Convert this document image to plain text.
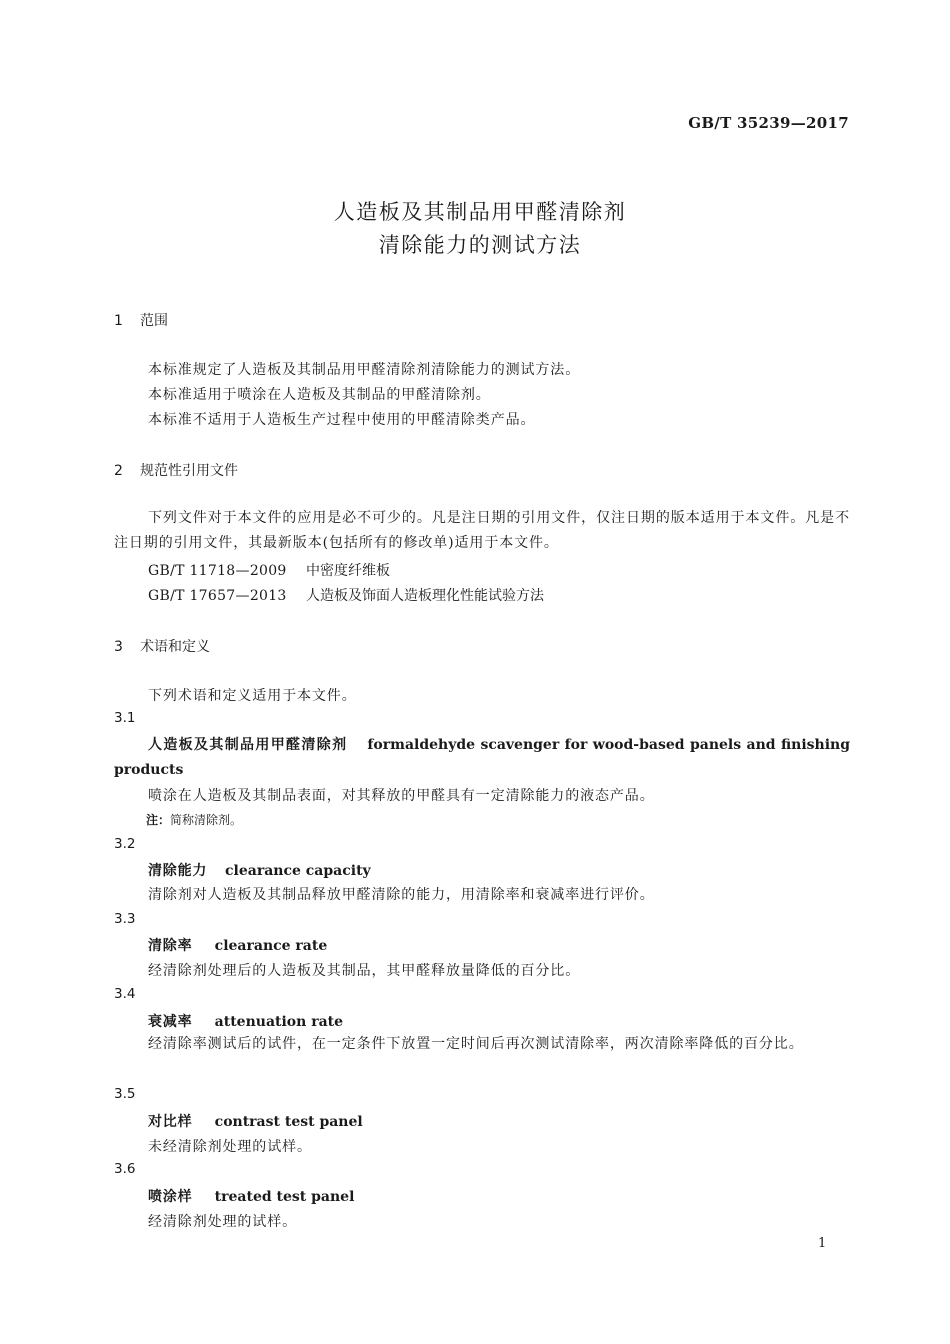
GB/T 35239—2017
人造板及其制品用甲醛清除剂
清除能力的测试方法
1 范围
本标准规定了人造板及其制品用甲醛清除剂清除能力的测试方法。
本标准适用于喷涂在人造板及其制品的甲醛清除剂。
本标准不适用于人造板生产过程中使用的甲醛清除类产品。
2 规范性引用文件
下列文件对于本文件的应用是必不可少的。凡是注日期的引用文件，仅注日期的版本适用于本文件。凡是不注日期的引用文件，其最新版本(包括所有的修改单)适用于本文件。
GB/T 11718—2009 中密度纤维板
GB/T 17657—2013 人造板及饰面人造板理化性能试验方法
3 术语和定义
下列术语和定义适用于本文件。
3.1
人造板及其制品用甲醛清除剂 formaldehyde scavenger for wood-based panels and finishing products
喷涂在人造板及其制品表面，对其释放的甲醛具有一定清除能力的液态产品。
注：简称清除剂。
3.2
清除能力 clearance capacity
清除剂对人造板及其制品释放甲醛清除的能力，用清除率和衰减率进行评价。
3.3
清除率 clearance rate
经清除剂处理后的人造板及其制品，其甲醛释放量降低的百分比。
3.4
衰减率 attenuation rate
经清除率测试后的试件，在一定条件下放置一定时间后再次测试清除率，两次清除率降低的百分比。
3.5
对比样 contrast test panel
未经清除剂处理的试样。
3.6
喷涂样 treated test panel
经清除剂处理的试样。
1
